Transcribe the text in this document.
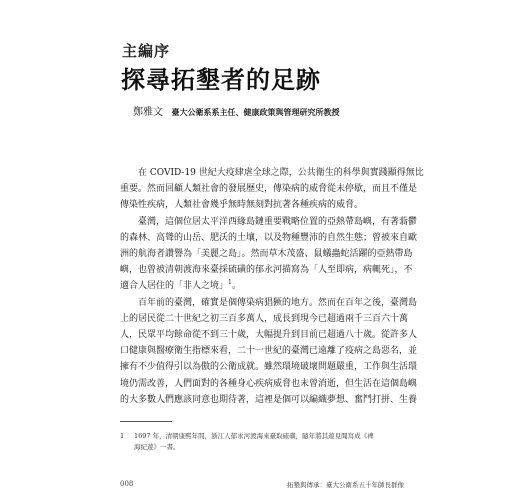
主編序
探尋拓墾者的足跡
鄭雅文 臺大公衛系系主任、健康政策與管理研究所教授

在 COVID-19 世紀大疫肆虐全球之際，公共衛生的科學與實踐顯得無比
重要。然而回顧人類社會的發展歷史，傳染病的威脅從未停歇，而且不僅是
傳染性疾病，人類社會幾乎無時無刻對抗著各種疾病的威脅。

臺灣，這個位居太平洋西緣島鏈重要戰略位置的亞熱帶島嶼，有著蓊鬱
的森林、高聳的山岳、肥沃的土壤，以及物種豐沛的自然生態；曾被來自歐
洲的航海者讚譽為「美麗之島」。然而草木茂盛、鼠蟻蟲蛇活躍的亞熱帶島
嶼，也曾被清朝渡海來臺採硫磺的郁永河描寫為「人至即病，病輒死」，不
適合人居住的「非人之境」$^1$。

百年前的臺灣，確實是個傳染病猖獗的地方。然而在百年之後，臺灣島
上的居民從二十世紀之初三百多萬人，成長到現今已超過兩千三百六十萬
人，民眾平均餘命從不到三十歲，大幅提升到目前已超過八十歲。從許多人
口健康與醫療衛生指標來看，二十一世紀的臺灣已遠離了疫病之島惡名，並
擁有不少值得引以為傲的公衛成就。雖然環境破壞問題嚴重，工作與生活環
境仍需改善，人們面對的各種身心疾病威脅也未曾消逝，但生活在這個島嶼
的大多數人們應該同意也期待著，這裡是個可以編織夢想、奮鬥打拼、生養

1 1697 年，清朝康熙年間，浙江人郁永河渡海來臺取硫磺，隨年將其遊見聞寫成《裨
海紀遊》一書。
008	拓墾與傳承：臺大公衛系五十年師長群像
